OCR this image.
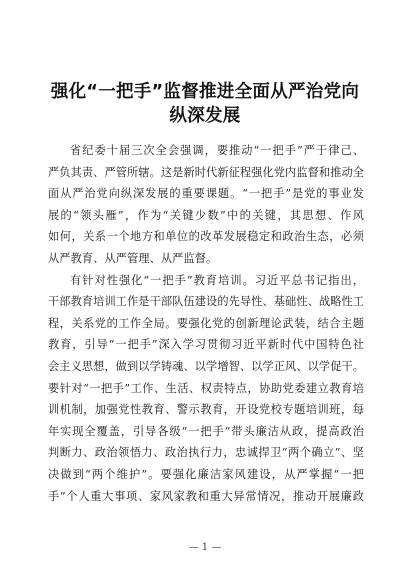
强化“一把手”监督推进全面从严治党向
纵深发展

省纪委十届三次全会强调，要推动“一把手”严于律己、

严负其责、严管所辖。这是新时代新征程强化党内监督和推动全

面从严治党向纵深发展的重要课题。“一把手”是党的事业发

展的“领头雁”，作为“关键少数”中的关键，其思想、作风

如何，关系一个地方和单位的改革发展稳定和政治生态，必须

从严教育、从严管理、从严监督。

有针对性强化“一把手”教育培训。习近平总书记指出，

干部教育培训工作是干部队伍建设的先导性、基础性、战略性工

程，关系党的工作全局。要强化党的创新理论武装，结合主题

教育，引导“一把手”深入学习贯彻习近平新时代中国特色社

会主义思想，做到以学铸魂、以学增智、以学正风、以学促干。

要针对“一把手”工作、生活、权责特点，协助党委建立教育培

训机制，加强党性教育、警示教育，开设党校专题培训班，每

年实现全覆盖，引导各级“一把手”带头廉洁从政，提高政治

判断力、政治领悟力、政治执行力，忠诚捍卫“两个确立”、坚

决做到“两个维护”。要强化廉洁家风建设，从严掌握“一把

手”个人重大事项、家风家教和重大异常情况，推动开展廉政

— 1 —
